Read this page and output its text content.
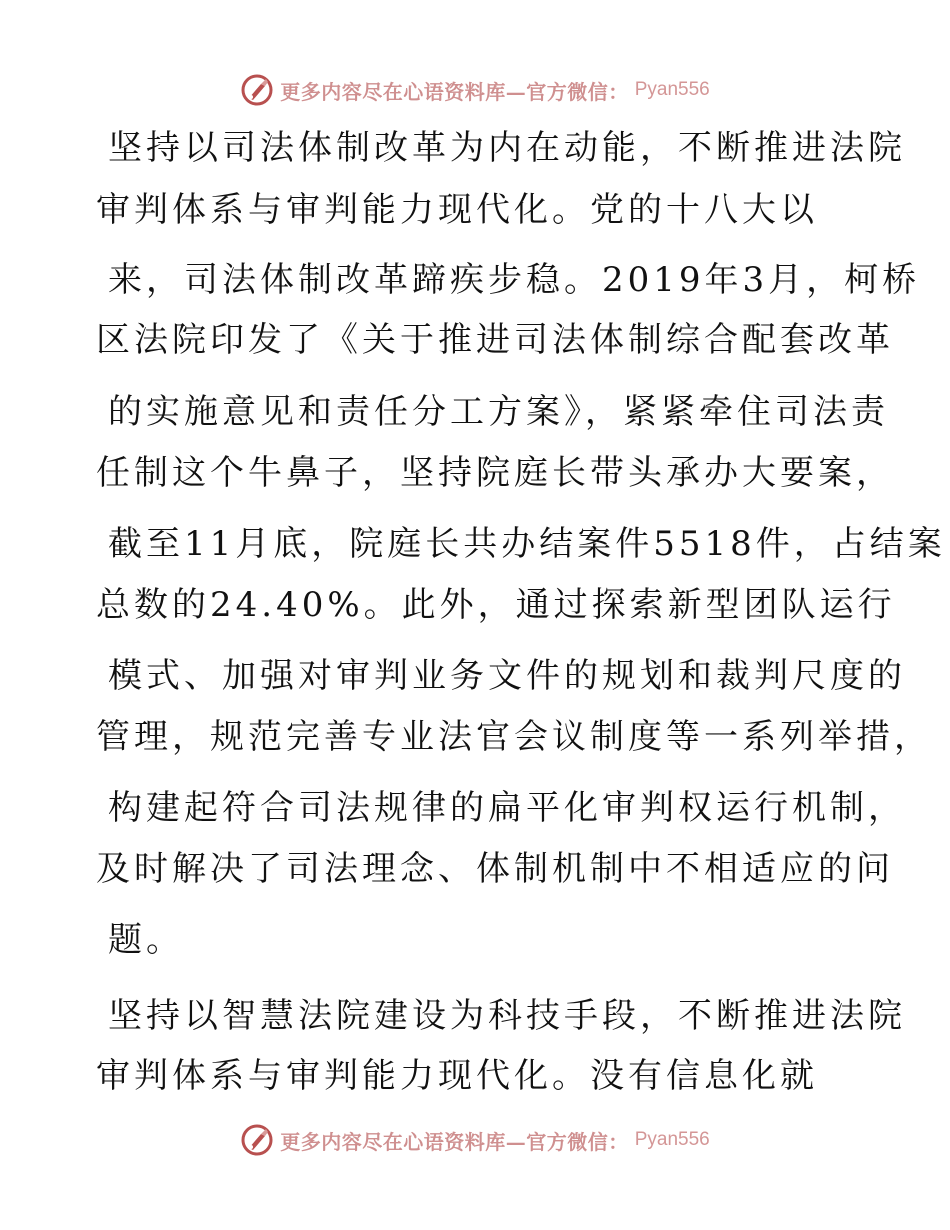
更多内容尽在心语资料库—官方微信： Pyan556
坚持以司法体制改革为内在动能，不断推进法院
审判体系与审判能力现代化。党的十八大以
来，司法体制改革蹄疾步稳。2019年3月，柯桥
区法院印发了《关于推进司法体制综合配套改革
的实施意见和责任分工方案》，紧紧牵住司法责
任制这个牛鼻子，坚持院庭长带头承办大要案，
截至11月底，院庭长共办结案件5518件，占结案
总数的24.40%。此外，通过探索新型团队运行
模式、加强对审判业务文件的规划和裁判尺度的
管理，规范完善专业法官会议制度等一系列举措，
构建起符合司法规律的扁平化审判权运行机制，
及时解决了司法理念、体制机制中不相适应的问
题。
坚持以智慧法院建设为科技手段，不断推进法院
审判体系与审判能力现代化。没有信息化就
更多内容尽在心语资料库—官方微信： Pyan556
